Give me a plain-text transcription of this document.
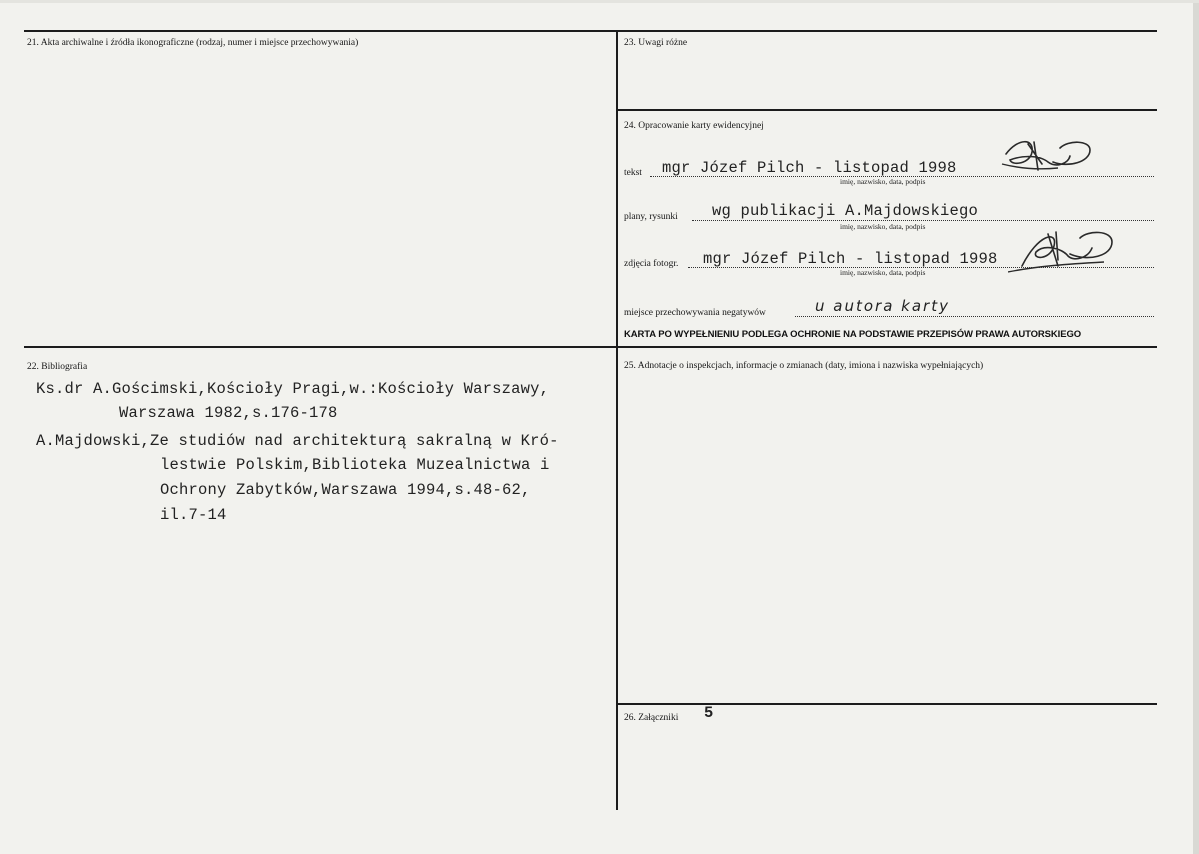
21. Akta archiwalne i źródła ikonograficzne (rodzaj, numer i miejsce przechowywania)	23. Uwagi różne
24. Opracowanie karty ewidencyjnej
tekst mgr Józef Pilch - listopad 1998
imię, nazwisko, data, podpis
plany, rysunki wg publikacji A.Majdowskiego
imię, nazwisko, data, podpis
zdjęcia fotogr. mgr Józef Pilch - listopad 1998
imię, nazwisko, data, podpis
miejsce przechowywania negatywów	u autora karty
KARTA PO WYPEŁNIENIU PODLEGA OCHRONIE NA PODSTAWIE PRZEPISÓW PRAWA AUTORSKIEGO
22. Bibliografia
Ks.dr A.Gościmski,Kościoły Pragi,w.:Kościoły Warszawy,
Warszawa 1982,s.176-178
A.Majdowski,Ze studiów nad architekturą sakralną w Kró-
lestwie Polskim,Biblioteka Muzealnictwa i
Ochrony Zabytków,Warszawa 1994,s.48-62,
il.7-14
25. Adnotacje o inspekcjach, informacje o zmianach (daty, imiona i nazwiska wypełniających)
26. Załączniki 5
